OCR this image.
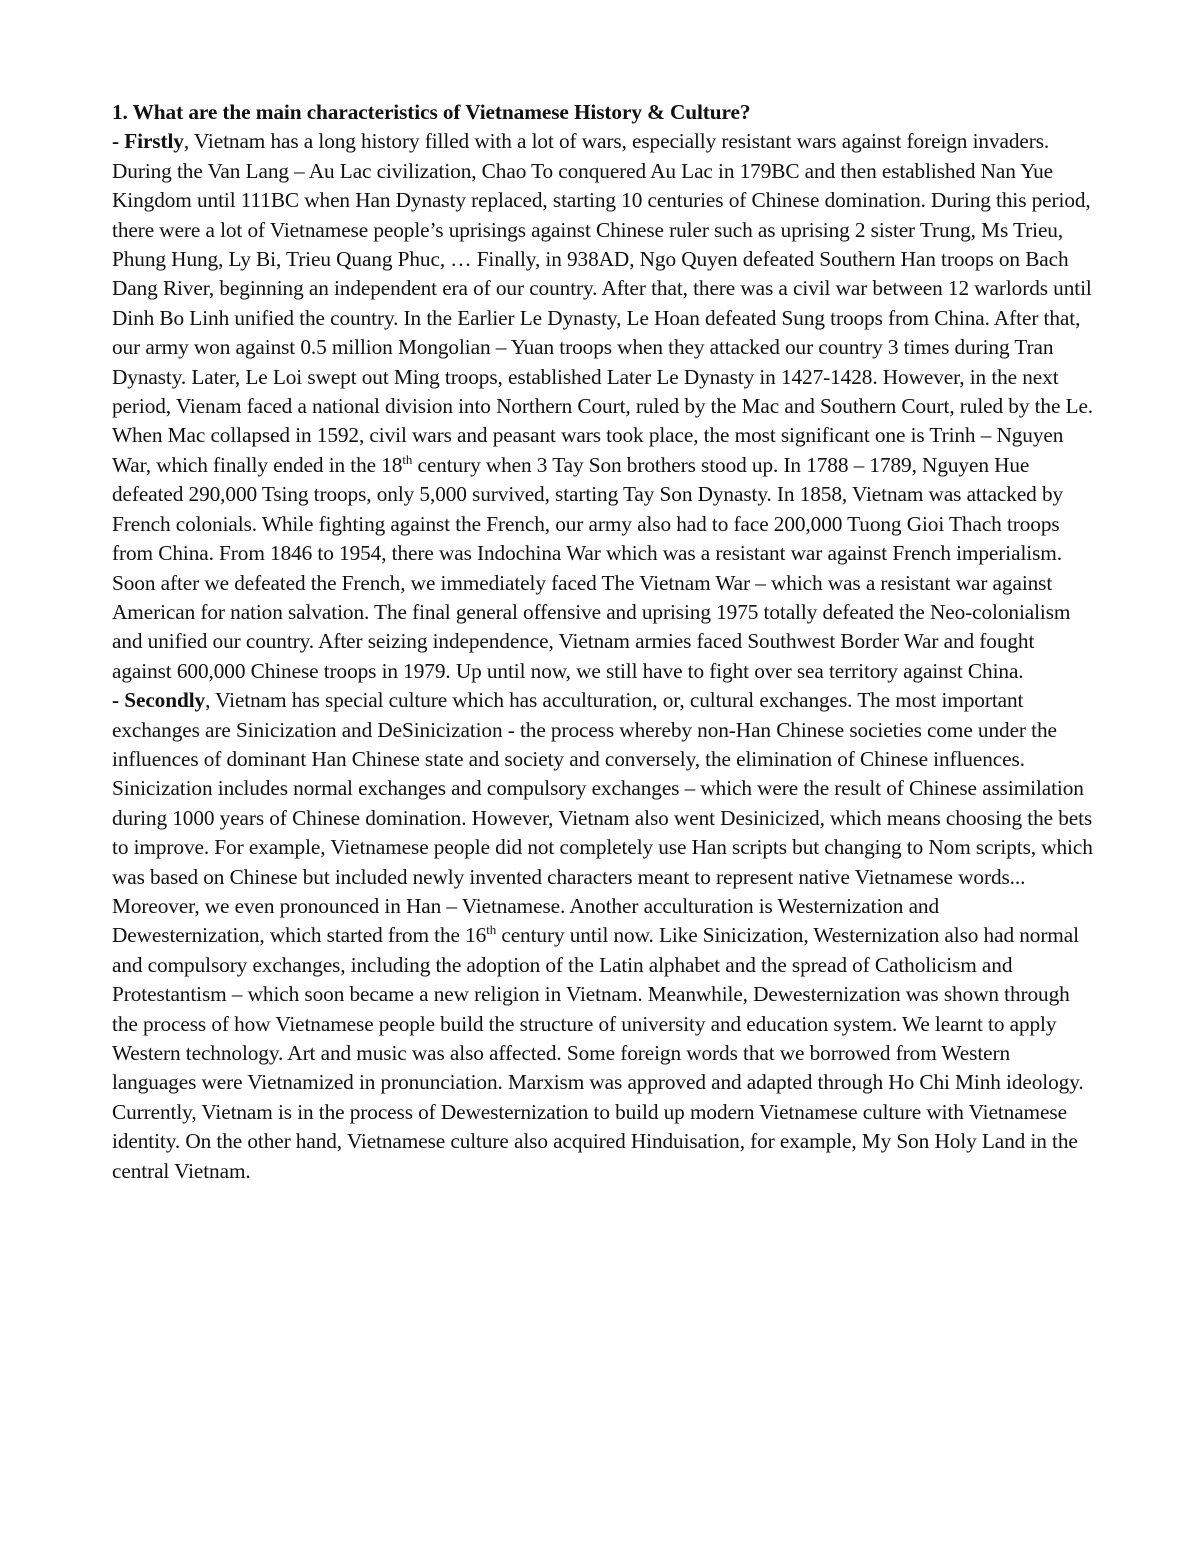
1. What are the main characteristics of Vietnamese History & Culture?

- Firstly, Vietnam has a long history filled with a lot of wars, especially resistant wars against foreign invaders. During the Van Lang – Au Lac civilization, Chao To conquered Au Lac in 179BC and then established Nan Yue Kingdom until 111BC when Han Dynasty replaced, starting 10 centuries of Chinese domination. During this period, there were a lot of Vietnamese people’s uprisings against Chinese ruler such as uprising 2 sister Trung, Ms Trieu, Phung Hung, Ly Bi, Trieu Quang Phuc, … Finally, in 938AD, Ngo Quyen defeated Southern Han troops on Bach Dang River, beginning an independent era of our country. After that, there was a civil war between 12 warlords until Dinh Bo Linh unified the country. In the Earlier Le Dynasty, Le Hoan defeated Sung troops from China. After that, our army won against 0.5 million Mongolian – Yuan troops when they attacked our country 3 times during Tran Dynasty. Later, Le Loi swept out Ming troops, established Later Le Dynasty in 1427-1428. However, in the next period, Vienam faced a national division into Northern Court, ruled by the Mac and Southern Court, ruled by the Le. When Mac collapsed in 1592, civil wars and peasant wars took place, the most significant one is Trinh – Nguyen War, which finally ended in the 18th century when 3 Tay Son brothers stood up. In 1788 – 1789, Nguyen Hue defeated 290,000 Tsing troops, only 5,000 survived, starting Tay Son Dynasty. In 1858, Vietnam was attacked by French colonials. While fighting against the French, our army also had to face 200,000 Tuong Gioi Thach troops from China. From 1846 to 1954, there was Indochina War which was a resistant war against French imperialism. Soon after we defeated the French, we immediately faced The Vietnam War – which was a resistant war against American for nation salvation. The final general offensive and uprising 1975 totally defeated the Neo-colonialism and unified our country. After seizing independence, Vietnam armies faced Southwest Border War and fought against 600,000 Chinese troops in 1979. Up until now, we still have to fight over sea territory against China.

- Secondly, Vietnam has special culture which has acculturation, or, cultural exchanges. The most important exchanges are Sinicization and DeSinicization - the process whereby non-Han Chinese societies come under the influences of dominant Han Chinese state and society and conversely, the elimination of Chinese influences. Sinicization includes normal exchanges and compulsory exchanges – which were the result of Chinese assimilation during 1000 years of Chinese domination. However, Vietnam also went Desinicized, which means choosing the bets to improve. For example, Vietnamese people did not completely use Han scripts but changing to Nom scripts, which was based on Chinese but included newly invented characters meant to represent native Vietnamese words... Moreover, we even pronounced in Han – Vietnamese. Another acculturation is Westernization and Dewesternization, which started from the 16th century until now. Like Sinicization, Westernization also had normal and compulsory exchanges, including the adoption of the Latin alphabet and the spread of Catholicism and Protestantism – which soon became a new religion in Vietnam. Meanwhile, Dewesternization was shown through the process of how Vietnamese people build the structure of university and education system. We learnt to apply Western technology. Art and music was also affected. Some foreign words that we borrowed from Western languages were Vietnamized in pronunciation. Marxism was approved and adapted through Ho Chi Minh ideology. Currently, Vietnam is in the process of Dewesternization to build up modern Vietnamese culture with Vietnamese identity. On the other hand, Vietnamese culture also acquired Hinduisation, for example, My Son Holy Land in the central Vietnam.
